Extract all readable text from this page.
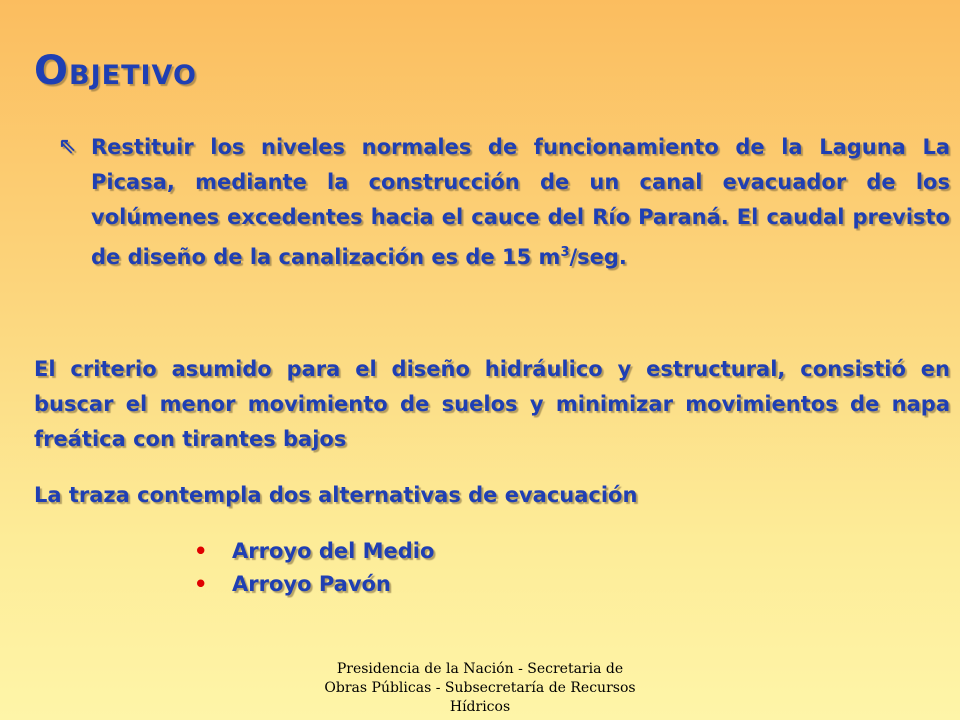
OBJETIVO
⇖ Restituir los niveles normales de funcionamiento de la Laguna La Picasa, mediante la construcción de un canal evacuador de los volúmenes excedentes hacia el cauce del Río Paraná. El caudal previsto de diseño de la canalización es de 15 $m^3$/seg.
El criterio asumido para el diseño hidráulico y estructural, consistió en buscar el menor movimiento de suelos y minimizar movimientos de napa freática con tirantes bajos
La traza contempla dos alternativas de evacuación
•	Arroyo del Medio
•	Arroyo Pavón
Presidencia de la Nación - Secretaria de Obras Públicas - Subsecretaría de Recursos Hídricos
